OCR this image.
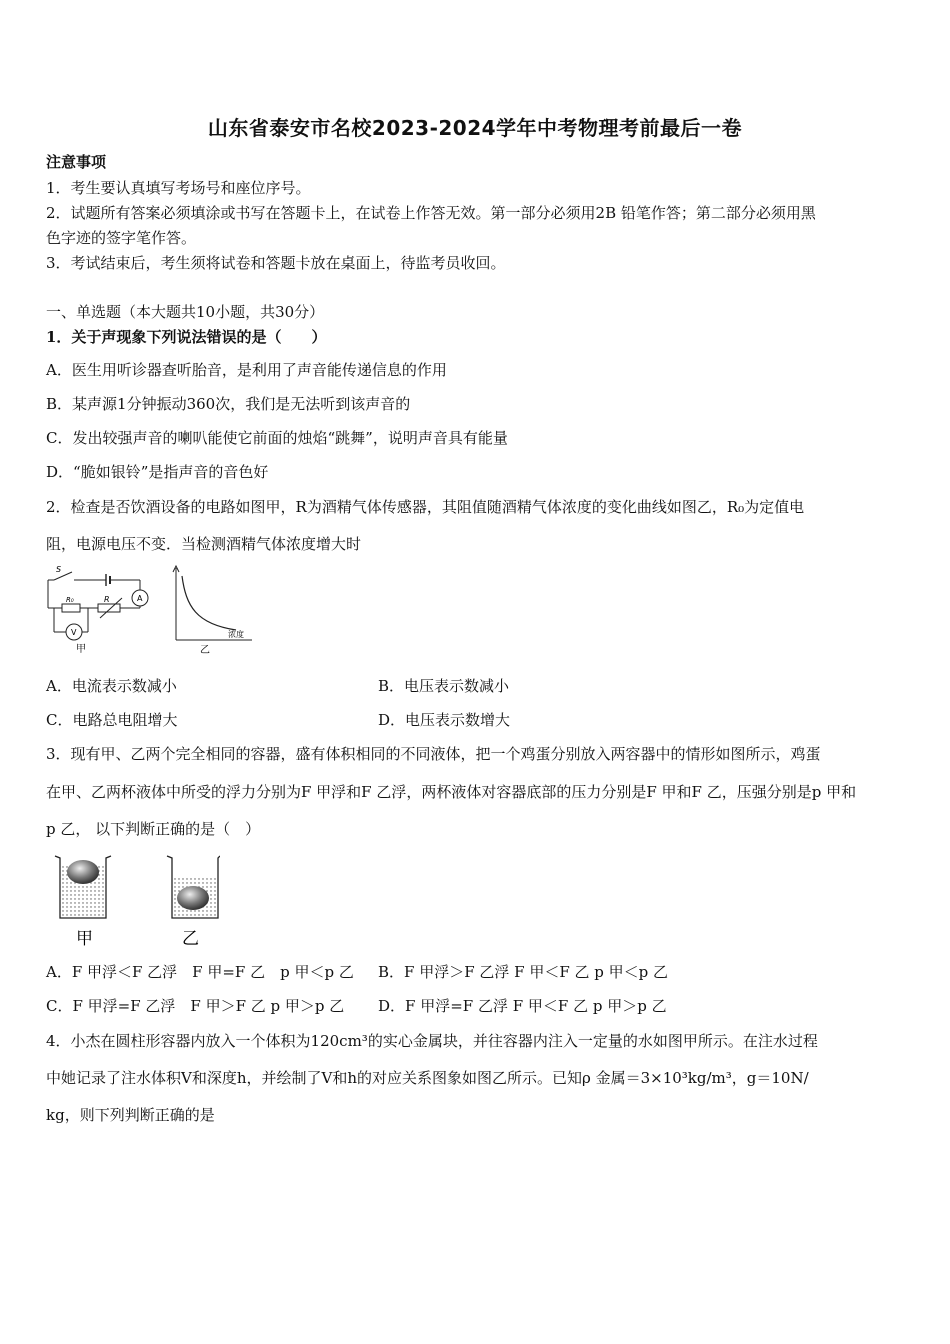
山东省泰安市名校2023-2024学年中考物理考前最后一卷
注意事项
1．考生要认真填写考场号和座位序号。
2．试题所有答案必须填涂或书写在答题卡上，在试卷上作答无效。第一部分必须用2B 铅笔作答；第二部分必须用黑
色字迹的签字笔作答。
3．考试结束后，考生须将试卷和答题卡放在桌面上，待监考员收回。
一、单选题（本大题共10小题，共30分）
1．关于声现象下列说法错误的是（　　）
A．医生用听诊器查听胎音，是利用了声音能传递信息的作用
B．某声源1分钟振动360次，我们是无法听到该声音的
C．发出较强声音的喇叭能使它前面的烛焰“跳舞”，说明声音具有能量
D．“脆如银铃”是指声音的音色好
2．检查是否饮酒设备的电路如图甲，R为酒精气体传感器，其阻值随酒精气体浓度的变化曲线如图乙，R₀为定值电
阻，电源电压不变．当检测酒精气体浓度增大时
S
R₀	R	A
V
甲
浓度
乙
A．电流表示数减小	B．电压表示数减小
C．电路总电阻增大	D．电压表示数增大
3．现有甲、乙两个完全相同的容器，盛有体积相同的不同液体，把一个鸡蛋分别放入两容器中的情形如图所示，鸡蛋
在甲、乙两杯液体中所受的浮力分别为F 甲浮和F 乙浮，两杯液体对容器底部的压力分别是F 甲和F 乙，压强分别是p 甲和
p 乙， 以下判断正确的是（　）
甲	乙
A．F 甲浮＜F 乙浮　F 甲=F 乙　p 甲＜p 乙 B．F 甲浮＞F 乙浮 F 甲＜F 乙 p 甲＜p 乙
C．F 甲浮=F 乙浮　F 甲＞F 乙 p 甲＞p 乙 D．F 甲浮=F 乙浮 F 甲＜F 乙 p 甲＞p 乙
4．小杰在圆柱形容器内放入一个体积为120cm³的实心金属块，并往容器内注入一定量的水如图甲所示。在注水过程
中她记录了注水体积V和深度h，并绘制了V和h的对应关系图象如图乙所示。已知ρ 金属＝3×10³kg/m³，g＝10N/
kg，则下列判断正确的是
